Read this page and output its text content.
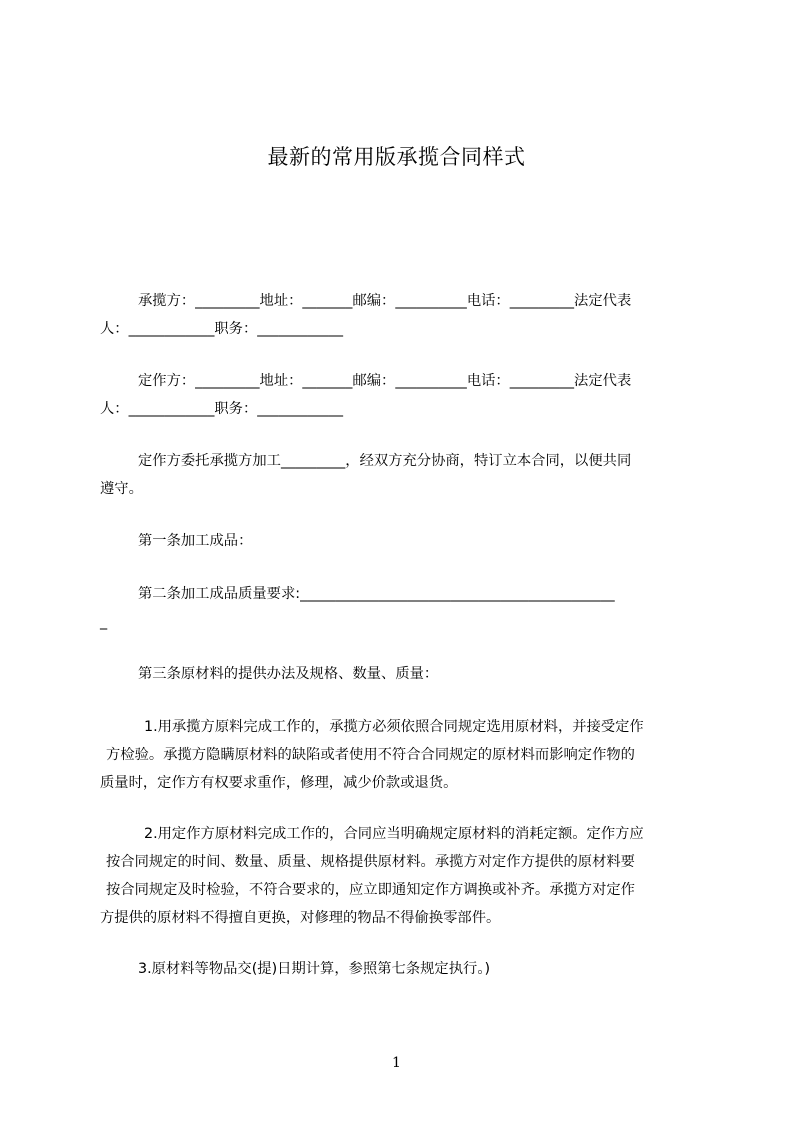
最新的常用版承揽合同样式
承揽方：_________地址：_______邮编：__________电话：_________法定代表
人：____________职务：____________
定作方：_________地址：_______邮编：__________电话：_________法定代表
人：____________职务：____________
定作方委托承揽方加工_________，经双方充分协商，特订立本合同，以便共同
遵守。
第一条加工成品：
第二条加工成品质量要求:____________________________________________
_
第三条原材料的提供办法及规格、数量、质量：
1.用承揽方原料完成工作的，承揽方必须依照合同规定选用原材料，并接受定作
方检验。承揽方隐瞒原材料的缺陷或者使用不符合合同规定的原材料而影响定作物的
质量时，定作方有权要求重作，修理，减少价款或退货。
2.用定作方原材料完成工作的，合同应当明确规定原材料的消耗定额。定作方应
按合同规定的时间、数量、质量、规格提供原材料。承揽方对定作方提供的原材料要
按合同规定及时检验，不符合要求的，应立即通知定作方调换或补齐。承揽方对定作
方提供的原材料不得擅自更换，对修理的物品不得偷换零部件。
3.原材料等物品交(提)日期计算，参照第七条规定执行。)
1
